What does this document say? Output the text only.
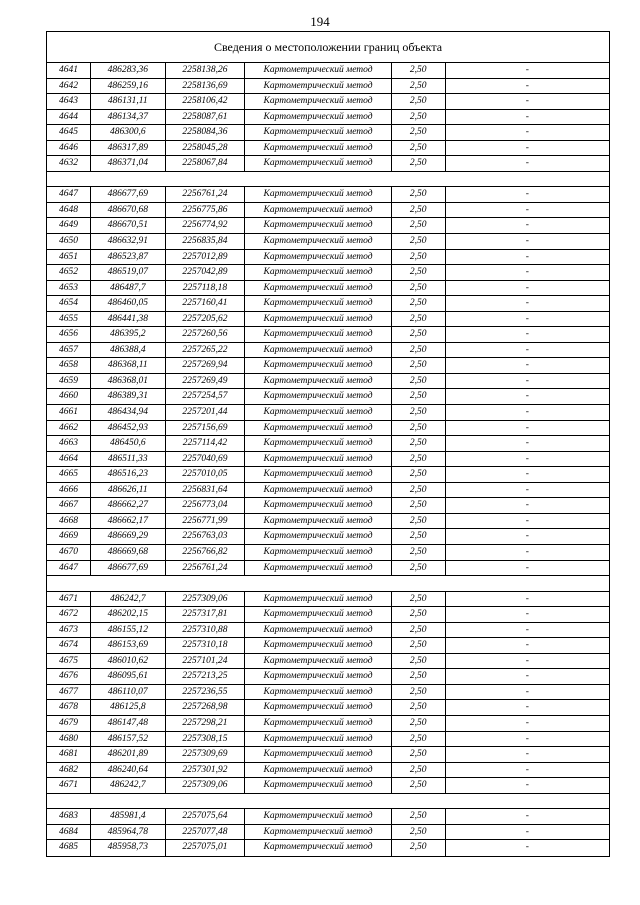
194
Сведения о местоположении границ объекта
4641	486283,36	2258138,26	Картометрический метод	2,50	-
4642	486259,16	2258136,69	Картометрический метод	2,50	-
4643	486131,11	2258106,42	Картометрический метод	2,50	-
4644	486134,37	2258087,61	Картометрический метод	2,50	-
4645	486300,6	2258084,36	Картометрический метод	2,50	-
4646	486317,89	2258045,28	Картометрический метод	2,50	-
4632	486371,04	2258067,84	Картометрический метод	2,50	-
4647	486677,69	2256761,24	Картометрический метод	2,50	-
4648	486670,68	2256775,86	Картометрический метод	2,50	-
4649	486670,51	2256774,92	Картометрический метод	2,50	-
4650	486632,91	2256835,84	Картометрический метод	2,50	-
4651	486523,87	2257012,89	Картометрический метод	2,50	-
4652	486519,07	2257042,89	Картометрический метод	2,50	-
4653	486487,7	2257118,18	Картометрический метод	2,50	-
4654	486460,05	2257160,41	Картометрический метод	2,50	-
4655	486441,38	2257205,62	Картометрический метод	2,50	-
4656	486395,2	2257260,56	Картометрический метод	2,50	-
4657	486388,4	2257265,22	Картометрический метод	2,50	-
4658	486368,11	2257269,94	Картометрический метод	2,50	-
4659	486368,01	2257269,49	Картометрический метод	2,50	-
4660	486389,31	2257254,57	Картометрический метод	2,50	-
4661	486434,94	2257201,44	Картометрический метод	2,50	-
4662	486452,93	2257156,69	Картометрический метод	2,50	-
4663	486450,6	2257114,42	Картометрический метод	2,50	-
4664	486511,33	2257040,69	Картометрический метод	2,50	-
4665	486516,23	2257010,05	Картометрический метод	2,50	-
4666	486626,11	2256831,64	Картометрический метод	2,50	-
4667	486662,27	2256773,04	Картометрический метод	2,50	-
4668	486662,17	2256771,99	Картометрический метод	2,50	-
4669	486669,29	2256763,03	Картометрический метод	2,50	-
4670	486669,68	2256766,82	Картометрический метод	2,50	-
4647	486677,69	2256761,24	Картометрический метод	2,50	-
4671	486242,7	2257309,06	Картометрический метод	2,50	-
4672	486202,15	2257317,81	Картометрический метод	2,50	-
4673	486155,12	2257310,88	Картометрический метод	2,50	-
4674	486153,69	2257310,18	Картометрический метод	2,50	-
4675	486010,62	2257101,24	Картометрический метод	2,50	-
4676	486095,61	2257213,25	Картометрический метод	2,50	-
4677	486110,07	2257236,55	Картометрический метод	2,50	-
4678	486125,8	2257268,98	Картометрический метод	2,50	-
4679	486147,48	2257298,21	Картометрический метод	2,50	-
4680	486157,52	2257308,15	Картометрический метод	2,50	-
4681	486201,89	2257309,69	Картометрический метод	2,50	-
4682	486240,64	2257301,92	Картометрический метод	2,50	-
4671	486242,7	2257309,06	Картометрический метод	2,50	-
4683	485981,4	2257075,64	Картометрический метод	2,50	-
4684	485964,78	2257077,48	Картометрический метод	2,50	-
4685	485958,73	2257075,01	Картометрический метод	2,50	-
